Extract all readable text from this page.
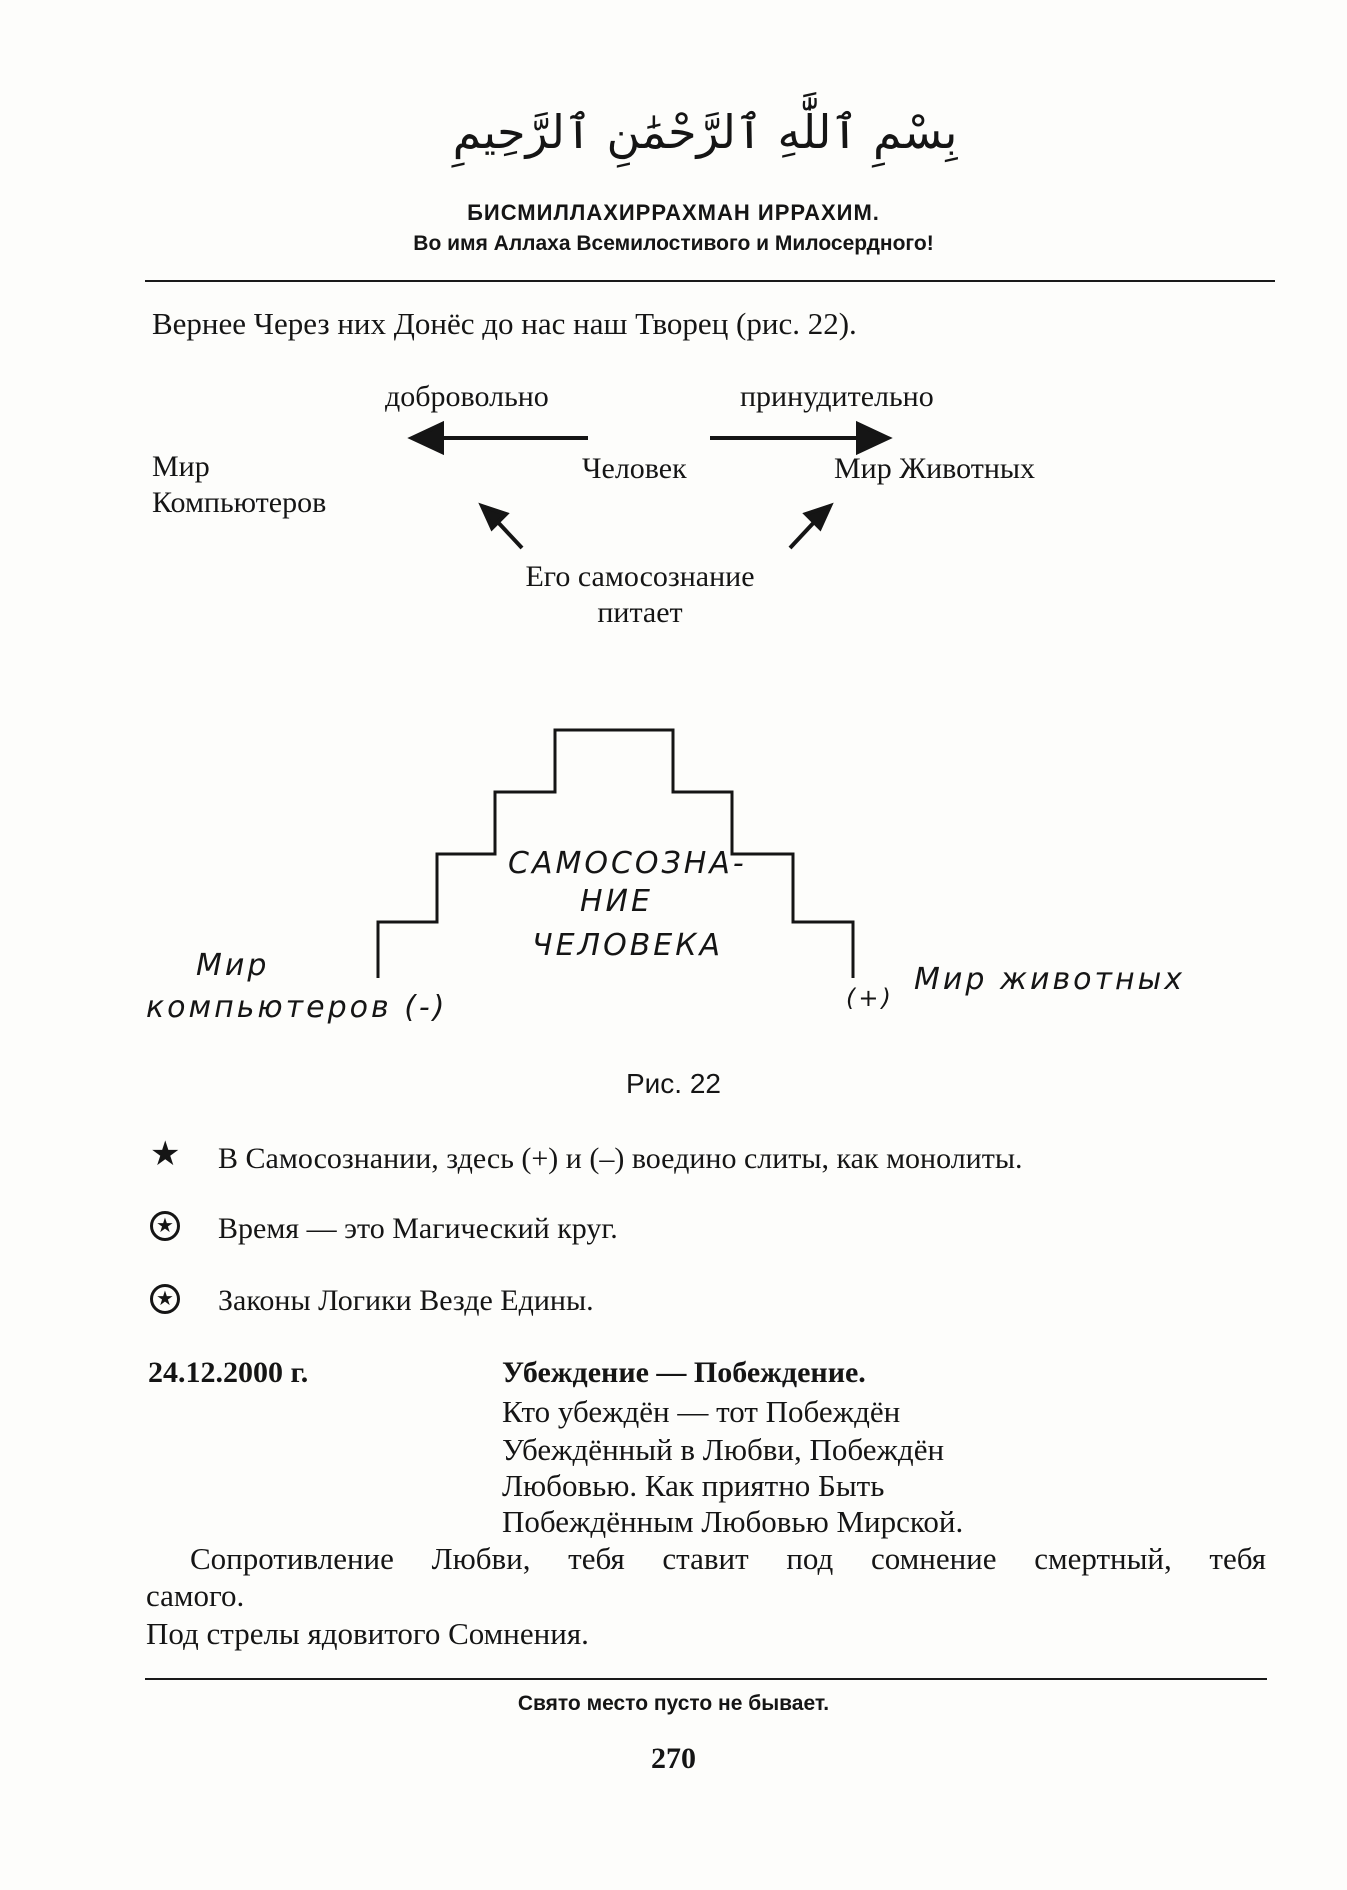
بِسْمِ ٱللَّٰهِ ٱلرَّحْمَٰنِ ٱلرَّحِيمِ
БИСМИЛЛАХИРРАХМАН ИРРАХИМ.
Во имя Аллаха Всемилостивого и Милосердного!
Вернее Через них Донёс до нас наш Творец (рис. 22).
добровольно	принудительно
Мир
Компьютеров
Человек	Мир Животных
Его самосознание
питает
САМОСОЗНА-
НИЕ
ЧЕЛОВЕКА
Мир
компьютеров (-)	(+)
Мир животных
Рис. 22
★ В Самосознании, здесь (+) и (–) воедино слиты, как монолиты.
★ Время — это Магический круг.
★ Законы Логики Везде Едины.
24.12.2000 г.	Убеждение — Побеждение.
Кто убеждён — тот Побеждён
Убеждённый в Любви, Побеждён
Любовью. Как приятно Быть
Побеждённым Любовью Мирской.
Сопротивление Любви, тебя ставит под сомнение смертный, тебя
самого.
Под стрелы ядовитого Сомнения.
Свято место пусто не бывает.
270
